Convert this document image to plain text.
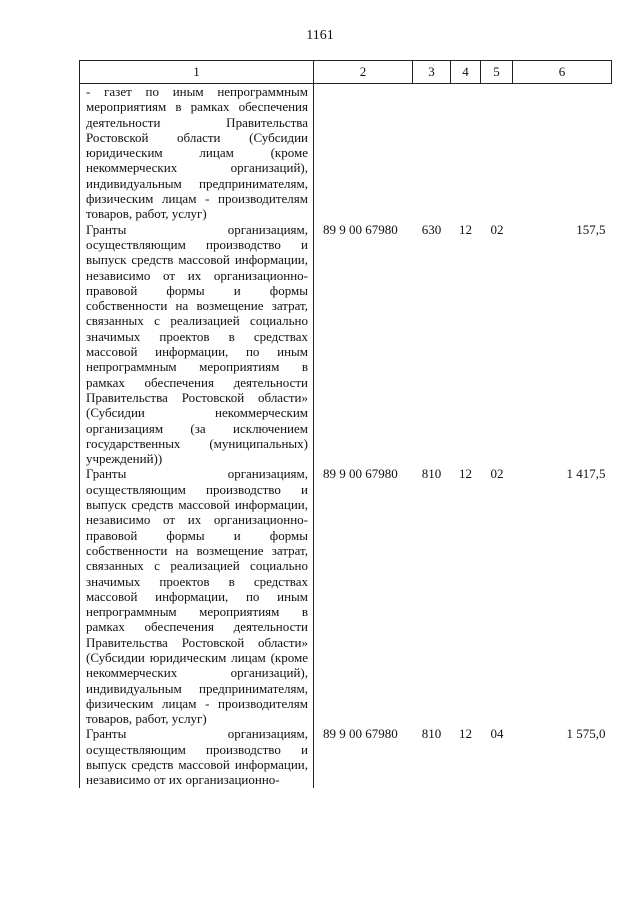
1161
1	2	3	4	5	6
- газет по иным непрограммным мероприятиям в рамках обеспечения деятельности Правительства Ростовской области (Субсидии юридическим лицам (кроме некоммерческих организаций), индивидуальным предпринимателям, физическим лицам - производителям товаров, работ, услуг)					
Гранты организациям, осуществляющим производство и выпуск средств массовой информации, независимо от их организационно-правовой формы и формы собственности на возмещение затрат, связанных с реализацией социально значимых проектов в средствах массовой информации, по иным непрограммным мероприятиям в рамках обеспечения деятельности Правительства Ростовской области» (Субсидии некоммерческим организациям (за исключением государственных (муниципальных) учреждений))	89 9 00 67980	630	12	02	157,5
Гранты организациям, осуществляющим производство и выпуск средств массовой информации, независимо от их организационно-правовой формы и формы собственности на возмещение затрат, связанных с реализацией социально значимых проектов в средствах массовой информации, по иным непрограммным мероприятиям в рамках обеспечения деятельности Правительства Ростовской области» (Субсидии юридическим лицам (кроме некоммерческих организаций), индивидуальным предпринимателям, физическим лицам - производителям товаров, работ, услуг)	89 9 00 67980	810	12	02	1 417,5
Гранты организациям, осуществляющим производство и выпуск средств массовой информации, независимо от их организационно-	89 9 00 67980	810	12	04	1 575,0
